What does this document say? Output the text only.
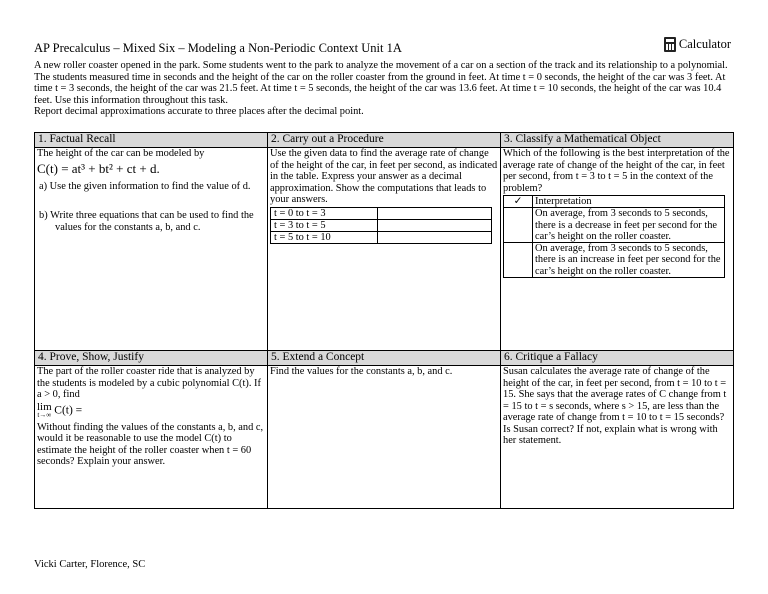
AP Precalculus – Mixed Six – Modeling a Non-Periodic Context Unit 1A	Calculator
A new roller coaster opened in the park. Some students went to the park to analyze the movement of a car on a section of the track and its relationship to a polynomial. The students measured time in seconds and the height of the car on the roller coaster from the ground in feet. At time t = 0 seconds, the height of the car was 3 feet. At time t = 3 seconds, the height of the car was 21.5 feet. At time t = 5 seconds, the height of the car was 13.6 feet. At time t = 10 seconds, the height of the car was 10.4 feet. Use this information throughout this task.
Report decimal approximations accurate to three places after the decimal point.
1. Factual Recall	2. Carry out a Procedure	3. Classify a Mathematical Object

The height of the car can be modeled by
C(t) = at³ + bt² + ct + d.
a) Use the given information to find the value of d.
b) Write three equations that can be used to find the values for the constants a, b, and c.

Use the given data to find the average rate of change of the height of the car, in feet per second, as indicated in the table. Express your answer as a decimal approximation. Show the computations that leads to your answers.
t = 0 to t = 3	
t = 3 to t = 5	
t = 5 to t = 10	

Which of the following is the best interpretation of the average rate of change of the height of the car, in feet per second, from t = 3 to t = 5 in the context of the problem?
✓	Interpretation
	On average, from 3 seconds to 5 seconds, there is a decrease in feet per second for the car’s height on the roller coaster.
	On average, from 3 seconds to 5 seconds, there is an increase in feet per second for the car’s height on the roller coaster.

4. Prove, Show, Justify	5. Extend a Concept	6. Critique a Fallacy

The part of the roller coaster ride that is analyzed by the students is modeled by a cubic polynomial C(t). If a > 0, find
lim
t→∞ C(t) =
Without finding the values of the constants a, b, and c, would it be reasonable to use the model C(t) to estimate the height of the roller coaster when t = 60 seconds? Explain your answer.

Find the values for the constants a, b, and c.	Susan calculates the average rate of change of the height of the car, in feet per second, from t = 10 to t = 15. She says that the average rates of C change from t = 15 to t = s seconds, where s > 15, are less than the average rate of change from t = 10 to t = 15 seconds? Is Susan correct? If not, explain what is wrong with her statement.
Vicki Carter, Florence, SC
